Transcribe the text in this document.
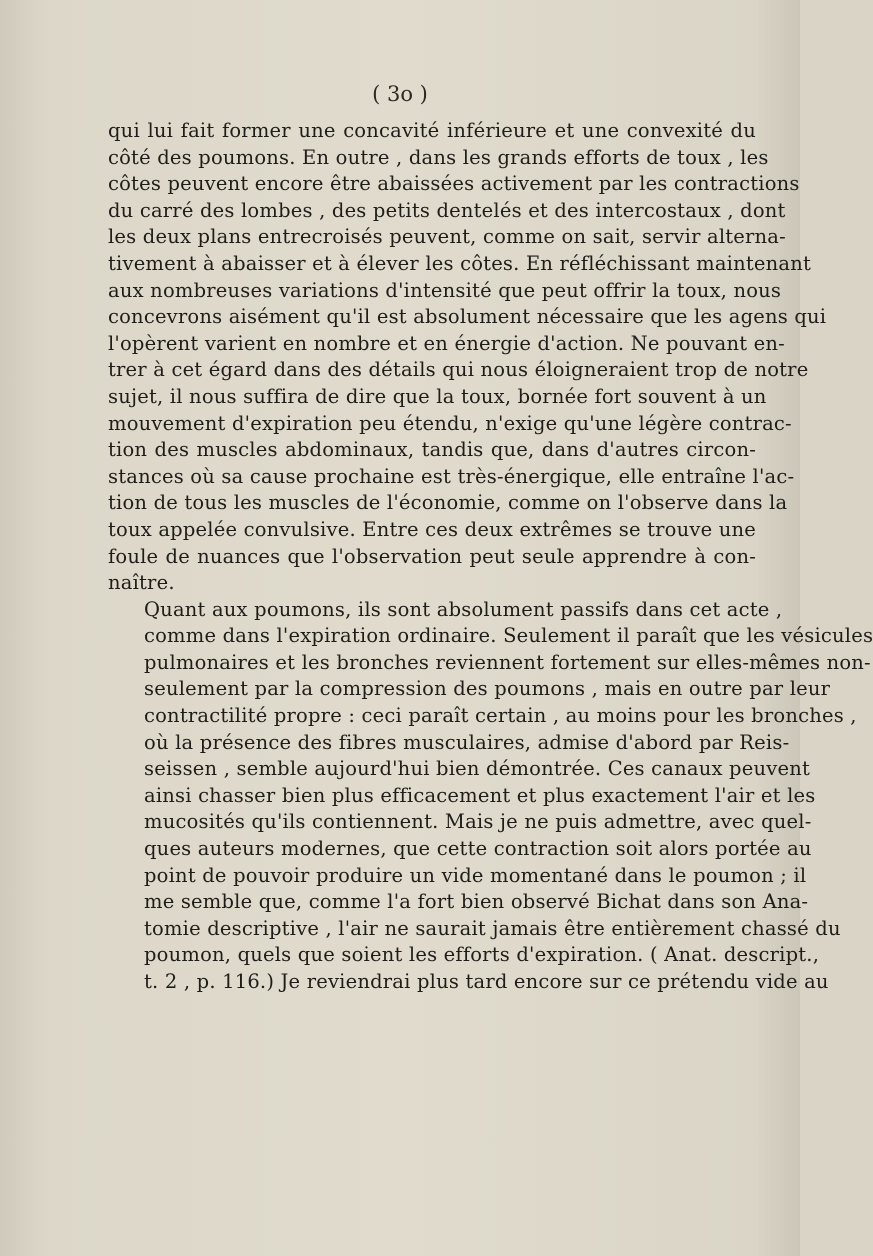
( 3o )

qui lui fait former une concavité inférieure et une convexité du
côté des poumons. En outre , dans les grands efforts de toux , les
côtes peuvent encore être abaissées activement par les contractions
du carré des lombes , des petits dentelés et des intercostaux , dont
les deux plans entrecroisés peuvent, comme on sait, servir alterna-
tivement à abaisser et à élever les côtes. En réfléchissant maintenant
aux nombreuses variations d'intensité que peut offrir la toux, nous
concevrons aisément qu'il est absolument nécessaire que les agens qui
l'opèrent varient en nombre et en énergie d'action. Ne pouvant en-
trer à cet égard dans des détails qui nous éloigneraient trop de notre
sujet, il nous suffira de dire que la toux, bornée fort souvent à un
mouvement d'expiration peu étendu, n'exige qu'une légère contrac-
tion des muscles abdominaux, tandis que, dans d'autres circon-
stances où sa cause prochaine est très-énergique, elle entraîne l'ac-
tion de tous les muscles de l'économie, comme on l'observe dans la
toux appelée convulsive. Entre ces deux extrêmes se trouve une
foule de nuances que l'observation peut seule apprendre à con-
naître.

Quant aux poumons, ils sont absolument passifs dans cet acte ,
comme dans l'expiration ordinaire. Seulement il paraît que les vésicules
pulmonaires et les bronches reviennent fortement sur elles-mêmes non-
seulement par la compression des poumons , mais en outre par leur
contractilité propre : ceci paraît certain , au moins pour les bronches ,
où la présence des fibres musculaires, admise d'abord par Reis-
seissen , semble aujourd'hui bien démontrée. Ces canaux peuvent
ainsi chasser bien plus efficacement et plus exactement l'air et les
mucosités qu'ils contiennent. Mais je ne puis admettre, avec quel-
ques auteurs modernes, que cette contraction soit alors portée au
point de pouvoir produire un vide momentané dans le poumon ; il
me semble que, comme l'a fort bien observé Bichat dans son Ana-
tomie descriptive , l'air ne saurait jamais être entièrement chassé du
poumon, quels que soient les efforts d'expiration. ( Anat. descript.,
t. 2 , p. 116.) Je reviendrai plus tard encore sur ce prétendu vide au
